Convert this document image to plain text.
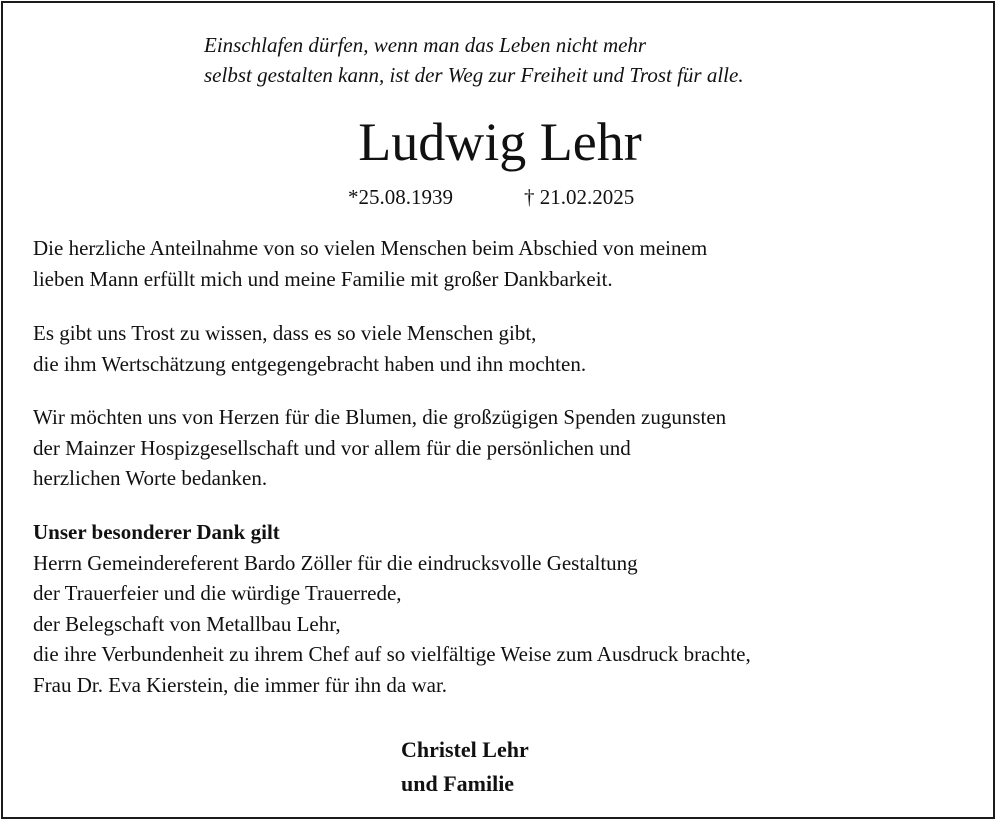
Einschlafen dürfen, wenn man das Leben nicht mehr
selbst gestalten kann, ist der Weg zur Freiheit und Trost für alle.
Ludwig Lehr
*25.08.1939	† 21.02.2025
Die herzliche Anteilnahme von so vielen Menschen beim Abschied von meinem
lieben Mann erfüllt mich und meine Familie mit großer Dankbarkeit.
Es gibt uns Trost zu wissen, dass es so viele Menschen gibt,
die ihm Wertschätzung entgegengebracht haben und ihn mochten.
Wir möchten uns von Herzen für die Blumen, die großzügigen Spenden zugunsten
der Mainzer Hospizgesellschaft und vor allem für die persönlichen und
herzlichen Worte bedanken.
Unser besonderer Dank gilt
Herrn Gemeindereferent Bardo Zöller für die eindrucksvolle Gestaltung
der Trauerfeier und die würdige Trauerrede,
der Belegschaft von Metallbau Lehr,
die ihre Verbundenheit zu ihrem Chef auf so vielfältige Weise zum Ausdruck brachte,
Frau Dr. Eva Kierstein, die immer für ihn da war.
Christel Lehr
und Familie
